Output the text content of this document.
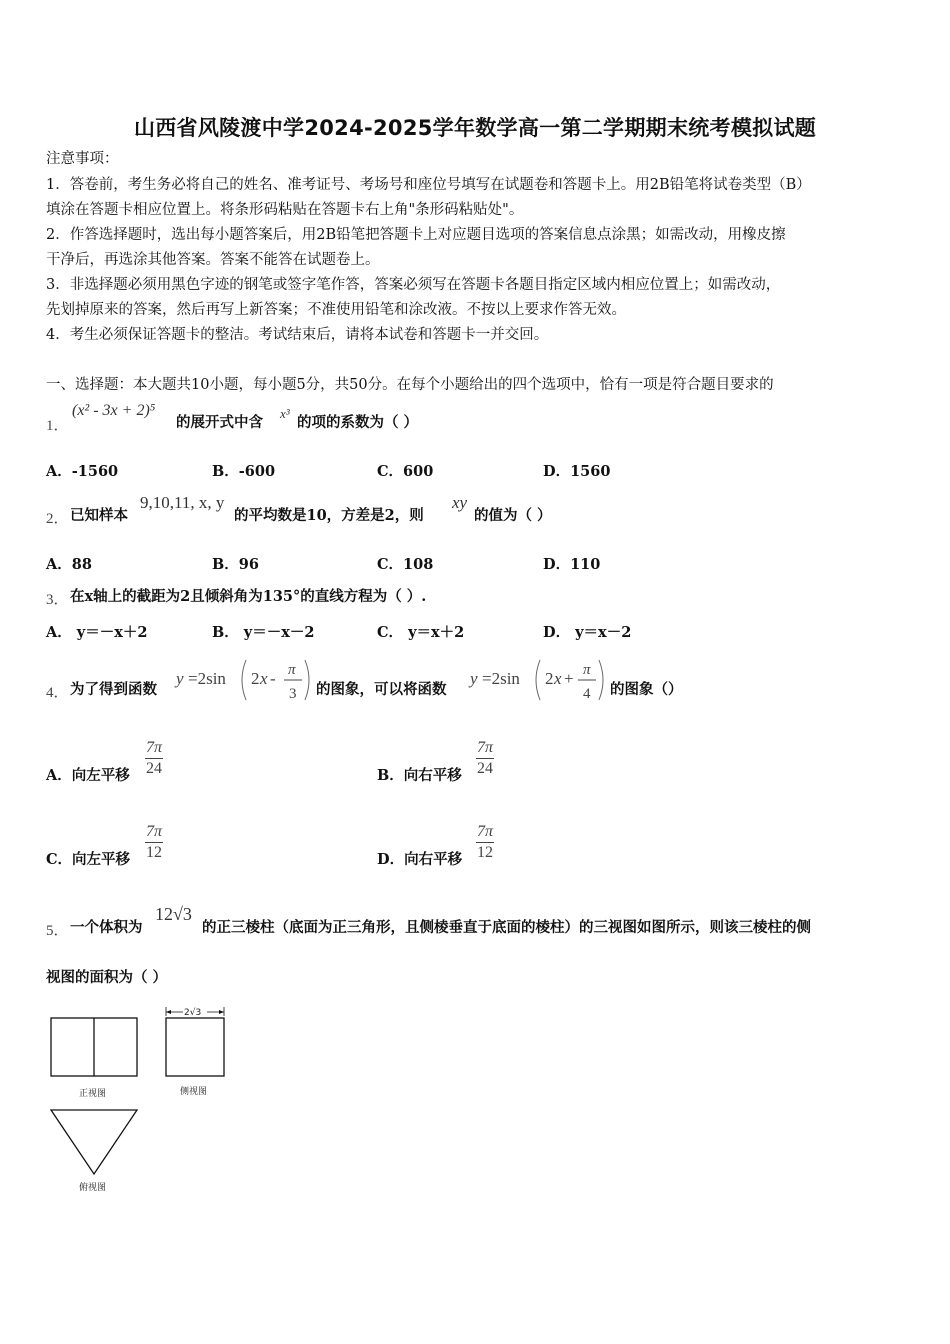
山西省风陵渡中学2024-2025学年数学高一第二学期期末统考模拟试题
注意事项：
1．答卷前，考生务必将自己的姓名、准考证号、考场号和座位号填写在试题卷和答题卡上。用2B铅笔将试卷类型（B）
填涂在答题卡相应位置上。将条形码粘贴在答题卡右上角"条形码粘贴处"。
2．作答选择题时，选出每小题答案后，用2B铅笔把答题卡上对应题目选项的答案信息点涂黑；如需改动，用橡皮擦
干净后，再选涂其他答案。答案不能答在试题卷上。
3．非选择题必须用黑色字迹的钢笔或签字笔作答，答案必须写在答题卡各题目指定区域内相应位置上；如需改动，
先划掉原来的答案，然后再写上新答案；不准使用铅笔和涂改液。不按以上要求作答无效。
4．考生必须保证答题卡的整洁。考试结束后，请将本试卷和答题卡一并交回。
一、选择题：本大题共10小题，每小题5分，共50分。在每个小题给出的四个选项中，恰有一项是符合题目要求的
1．
(x² - 3x + 2)⁵
的展开式中含
x³
的项的系数为（ ）
A．-1560	B．-600	C．600	D．1560
2． 已知样本
9,10,11, x, y
的平均数是10，方差是2，则
xy
的值为（ ）
A．88	B．96	C．108	D．110
3． 在x轴上的截距为2且倾斜角为135°的直线方程为（ ）.
A． y＝－x＋2	B． y＝－x－2	C． y＝x＋2	D． y＝x－2
4． 为了得到函数
y =2sin 2 x - π
3 的图象，可以将函数
y =2sin 2 x + π
4 的图象（）
A．向左平移 $\frac{7\pi}{24}$	B．向右平移 $\frac{7\pi}{24}$
C．向左平移 $\frac{7\pi}{12}$	D．向右平移 $\frac{7\pi}{12}$
5． 一个体积为
12√3
的正三棱柱（底面为正三角形，且侧棱垂直于底面的棱柱）的三视图如图所示，则该三棱柱的侧
视图的面积为（ ）
正视图
2√3
侧视图
俯视图
